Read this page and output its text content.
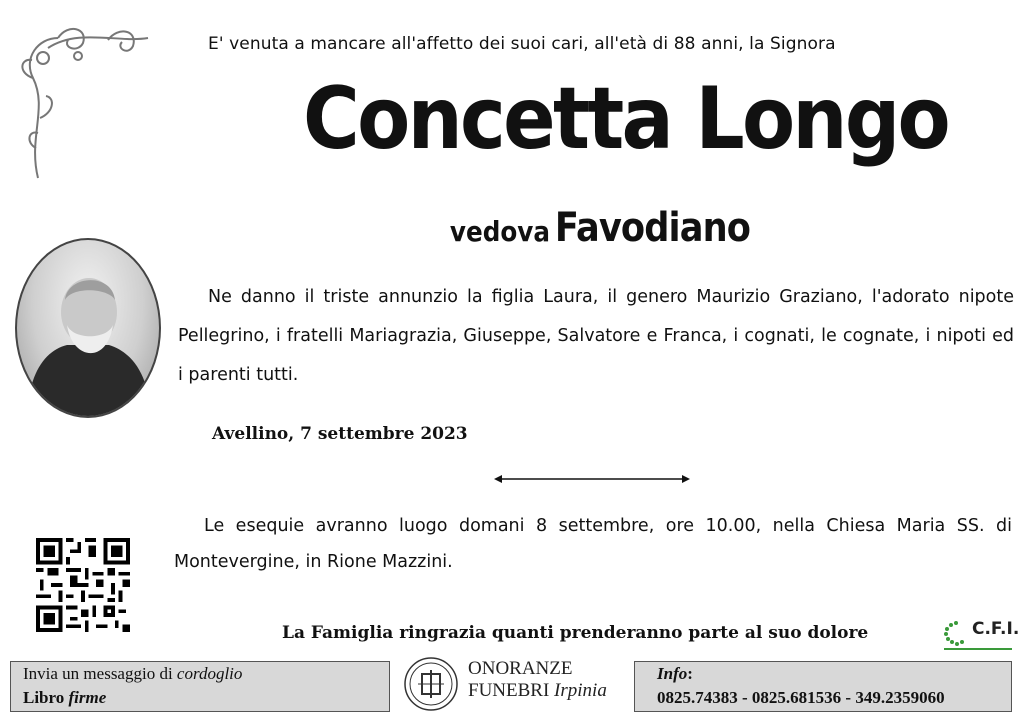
E' venuta a mancare all'affetto dei suoi cari, all'età di 88 anni, la Signora
Concetta Longo
vedova Favodiano
Ne danno il triste annunzio la figlia Laura, il genero Maurizio Graziano, l'adorato nipote Pellegrino, i fratelli Mariagrazia, Giuseppe, Salvatore e Franca, i cognati, le cognate, i nipoti ed i parenti tutti.
Avellino, 7 settembre 2023
Le esequie avranno luogo domani 8 settembre, ore 10.00, nella Chiesa Maria SS. di Montevergine, in Rione Mazzini.
La Famiglia ringrazia quanti prenderanno parte al suo dolore	C.F.I.
Invia un messaggio di cordoglio
Libro firme
ONORANZE
FUNEBRI Irpinia
Info:
0825.74383 - 0825.681536 - 349.2359060
